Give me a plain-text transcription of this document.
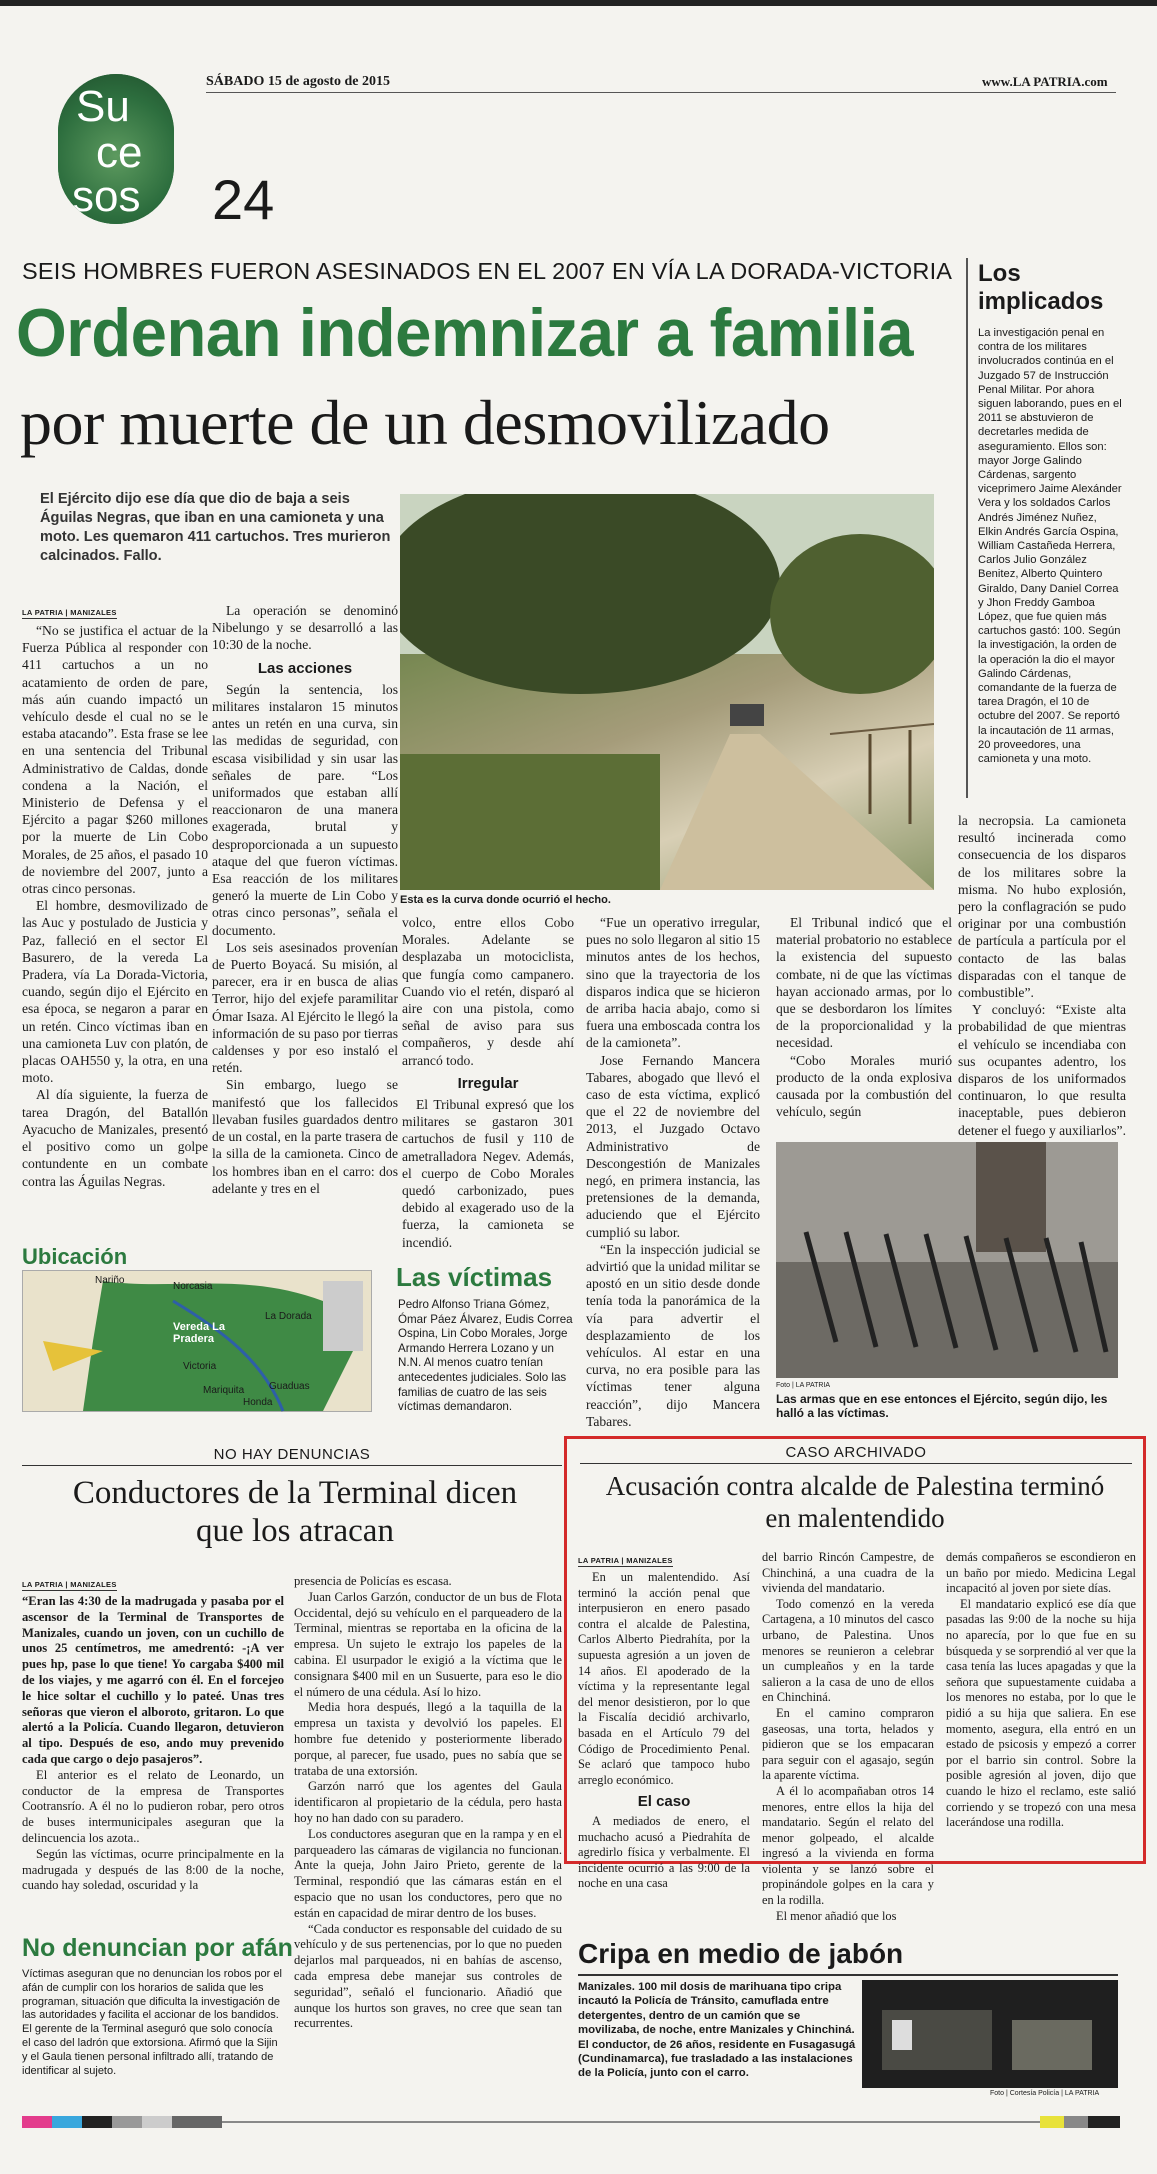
SÁBADO 15 de agosto de 2015	www.LA PATRIA.com
Su
ce
sos 24
SEIS HOMBRES FUERON ASESINADOS EN EL 2007 EN VÍA LA DORADA-VICTORIA
Ordenan indemnizar a familia
por muerte de un desmovilizado
El Ejército dijo ese día que dio de baja a seis Águilas Negras, que iban en una camioneta y una moto. Les quemaron 411 cartuchos. Tres murieron calcinados. Fallo.
LA PATRIA | MANIZALES

“No se justifica el actuar de la Fuerza Pública al responder con 411 cartuchos a un no acatamiento de orden de pare, más aún cuando impactó un vehículo desde el cual no se le estaba atacando”. Esta frase se lee en una sentencia del Tribunal Administrativo de Caldas, donde condena a la Nación, el Ministerio de Defensa y el Ejército a pagar $260 millones por la muerte de Lin Cobo Morales, de 25 años, el pasado 10 de noviembre del 2007, junto a otras cinco personas.

El hombre, desmovilizado de las Auc y postulado de Justicia y Paz, falleció en el sector El Basurero, de la vereda La Pradera, vía La Dorada-Victoria, cuando, según dijo el Ejército en esa época, se negaron a parar en un retén. Cinco víctimas iban en una camioneta Luv con platón, de placas OAH550 y, la otra, en una moto.

Al día siguiente, la fuerza de tarea Dragón, del Batallón Ayacucho de Manizales, presentó el positivo como un golpe contundente en un combate contra las Águilas Negras.

La operación se denominó Nibelungo y se desarrolló a las 10:30 de la noche.

Las acciones

Según la sentencia, los militares instalaron 15 minutos antes un retén en una curva, sin las medidas de seguridad, con escasa visibilidad y sin usar las señales de pare. “Los uniformados que estaban allí reaccionaron de una manera exagerada, brutal y desproporcionada a un supuesto ataque del que fueron víctimas. Esa reacción de los militares generó la muerte de Lin Cobo y otras cinco personas”, señala el documento.

Los seis asesinados provenían de Puerto Boyacá. Su misión, al parecer, era ir en busca de alias Terror, hijo del exjefe paramilitar Ómar Isaza. Al Ejército le llegó la información de su paso por tierras caldenses y por eso instaló el retén.

Sin embargo, luego se manifestó que los fallecidos llevaban fusiles guardados dentro de un costal, en la parte trasera de la silla de la camioneta. Cinco de los hombres iban en el carro: dos adelante y tres en el

Esta es la curva donde ocurrió el hecho.

volco, entre ellos Cobo Morales. Adelante se desplazaba un motociclista, que fungía como campanero. Cuando vio el retén, disparó al aire con una pistola, como señal de aviso para sus compañeros, y desde ahí arrancó todo.

Irregular

El Tribunal expresó que los militares se gastaron 301 cartuchos de fusil y 110 de ametralladora Negev. Además, el cuerpo de Cobo Morales quedó carbonizado, pues debido al exagerado uso de la fuerza, la camioneta se incendió.

“Fue un operativo irregular, pues no solo llegaron al sitio 15 minutos antes de los hechos, sino que la trayectoria de los disparos indica que se hicieron de arriba hacia abajo, como si fuera una emboscada contra los de la camioneta”.

Jose Fernando Mancera Tabares, abogado que llevó el caso de esta víctima, explicó que el 22 de noviembre del 2013, el Juzgado Octavo Administrativo de Descongestión de Manizales negó, en primera instancia, las pretensiones de la demanda, aduciendo que el Ejército cumplió su labor.

“En la inspección judicial se advirtió que la unidad militar se apostó en un sitio desde donde tenía toda la panorámica de la vía para advertir el desplazamiento de los vehículos. Al estar en una curva, no era posible para las víctimas tener alguna reacción”, dijo Mancera Tabares.

El Tribunal indicó que el material probatorio no establece la existencia del supuesto combate, ni de que las víctimas hayan accionado armas, por lo que se desbordaron los límites de la proporcionalidad y la necesidad.

“Cobo Morales murió producto de la onda explosiva causada por la combustión del vehículo, según

la necropsia. La camioneta resultó incinerada como consecuencia de los disparos de los militares sobre la misma. No hubo explosión, pero la conflagración se pudo originar por una combustión de partícula a partícula por el contacto de las balas disparadas con el tanque de combustible”.

Y concluyó: “Existe alta probabilidad de que mientras el vehículo se incendiaba con sus ocupantes adentro, los disparos de los uniformados continuaron, lo que resulta inaceptable, pues debieron detener el fuego y auxiliarlos”.

Foto | LA PATRIA
Las armas que en ese entonces el Ejército, según dijo, les halló a las víctimas.
Los implicados
La investigación penal en contra de los militares involucrados continúa en el Juzgado 57 de Instrucción Penal Militar. Por ahora siguen laborando, pues en el 2011 se abstuvieron de decretarles medida de aseguramiento. Ellos son: mayor Jorge Galindo Cárdenas, sargento viceprimero Jaime Alexánder Vera y los soldados Carlos Andrés Jiménez Nuñez, Elkin Andrés García Ospina, William Castañeda Herrera, Carlos Julio González Benitez, Alberto Quintero Giraldo, Dany Daniel Correa y Jhon Freddy Gamboa López, que fue quien más cartuchos gastó: 100. Según la investigación, la orden de la operación la dio el mayor Galindo Cárdenas, comandante de la fuerza de tarea Dragón, el 10 de octubre del 2007. Se reportó la incautación de 11 armas, 20 proveedores, una camioneta y una moto.
Ubicación
Norcasia
Nariño
La Dorada
Vereda La Pradera
Victoria
Guaduas
Mariquita
Honda
Las víctimas
Pedro Alfonso Triana Gómez, Ómar Páez Álvarez, Eudis Correa Ospina, Lin Cobo Morales, Jorge Armando Herrera Lozano y un N.N. Al menos cuatro tenían antecedentes judiciales. Solo las familias de cuatro de las seis víctimas demandaron.
NO HAY DENUNCIAS
Conductores de la Terminal dicen que los atracan
LA PATRIA | MANIZALES

“Eran las 4:30 de la madrugada y pasaba por el ascensor de la Terminal de Transportes de Manizales, cuando un joven, con un cuchillo de unos 25 centímetros, me amedrentó: -¡A ver pues hp, pase lo que tiene! Yo cargaba $400 mil de los viajes, y me agarró con él. En el forcejeo le hice soltar el cuchillo y lo pateé. Unas tres señoras que vieron el alboroto, gritaron. Lo que alertó a la Policía. Cuando llegaron, detuvieron al tipo. Después de eso, ando muy prevenido cada que cargo o dejo pasajeros”.

El anterior es el relato de Leonardo, un conductor de la empresa de Transportes Cootransrío. A él no lo pudieron robar, pero otros de buses intermunicipales aseguran que la delincuencia los azota..

Según las víctimas, ocurre principalmente en la madrugada y después de las 8:00 de la noche, cuando hay soledad, oscuridad y la

No denuncian por afán
Víctimas aseguran que no denuncian los robos por el afán de cumplir con los horarios de salida que les programan, situación que dificulta la investigación de las autoridades y facilita el accionar de los bandidos. El gerente de la Terminal aseguró que solo conocía el caso del ladrón que extorsiona. Afirmó que la Sijin y el Gaula tienen personal infiltrado allí, tratando de identificar al sujeto.

presencia de Policías es escasa.

Juan Carlos Garzón, conductor de un bus de Flota Occidental, dejó su vehículo en el parqueadero de la Terminal, mientras se reportaba en la oficina de la empresa. Un sujeto le extrajo los papeles de la cabina. El usurpador le exigió a la víctima que le consignara $400 mil en un Susuerte, para eso le dio el número de una cédula. Así lo hizo.

Media hora después, llegó a la taquilla de la empresa un taxista y devolvió los papeles. El hombre fue detenido y posteriormente liberado porque, al parecer, fue usado, pues no sabía que se trataba de una extorsión.

Garzón narró que los agentes del Gaula identificaron al propietario de la cédula, pero hasta hoy no han dado con su paradero.

Los conductores aseguran que en la rampa y en el parqueadero las cámaras de vigilancia no funcionan. Ante la queja, John Jairo Prieto, gerente de la Terminal, respondió que las cámaras están en el espacio que no usan los conductores, pero que no están en capacidad de mirar dentro de los buses.

“Cada conductor es responsable del cuidado de su vehículo y de sus pertenencias, por lo que no pueden dejarlos mal parqueados, ni en bahías de ascenso, cada empresa debe manejar sus controles de seguridad”, señaló el funcionario. Añadió que aunque los hurtos son graves, no cree que sean tan recurrentes.

CASO ARCHIVADO
Acusación contra alcalde de Palestina terminó en malentendido
LA PATRIA | MANIZALES

En un malentendido. Así terminó la acción penal que interpusieron en enero pasado contra el alcalde de Palestina, Carlos Alberto Piedrahíta, por la supuesta agresión a un joven de 14 años. El apoderado de la víctima y la representante legal del menor desistieron, por lo que la Fiscalía decidió archivarlo, basada en el Artículo 79 del Código de Procedimiento Penal. Se aclaró que tampoco hubo arreglo económico.

El caso

A mediados de enero, el muchacho acusó a Piedrahíta de agredirlo física y verbalmente. El incidente ocurrió a las 9:00 de la noche en una casa

del barrio Rincón Campestre, de Chinchiná, a una cuadra de la vivienda del mandatario.

Todo comenzó en la vereda Cartagena, a 10 minutos del casco urbano, de Palestina. Unos menores se reunieron a celebrar un cumpleaños y en la tarde salieron a la casa de uno de ellos en Chinchiná.

En el camino compraron gaseosas, una torta, helados y pidieron que se los empacaran para seguir con el agasajo, según la aparente víctima.

A él lo acompañaban otros 14 menores, entre ellos la hija del mandatario. Según el relato del menor golpeado, el alcalde ingresó a la vivienda en forma violenta y se lanzó sobre el propinándole golpes en la cara y en la rodilla.

El menor añadió que los

demás compañeros se escondieron en un baño por miedo. Medicina Legal incapacitó al joven por siete días.

El mandatario explicó ese día que pasadas las 9:00 de la noche su hija no aparecía, por lo que fue en su búsqueda y se sorprendió al ver que la casa tenía las luces apagadas y que la señora que supuestamente cuidaba a los menores no estaba, por lo que le pidió a su hija que saliera. En ese momento, asegura, ella entró en un estado de psicosis y empezó a correr por el barrio sin control. Sobre la posible agresión al joven, dijo que cuando le hizo el reclamo, este salió corriendo y se tropezó con una mesa lacerándose una rodilla.

Cripa en medio de jabón
Manizales. 100 mil dosis de marihuana tipo cripa incautó la Policía de Tránsito, camuflada entre detergentes, dentro de un camión que se movilizaba, de noche, entre Manizales y Chinchiná. El conductor, de 26 años, residente en Fusagasugá (Cundinamarca), fue trasladado a las instalaciones de la Policía, junto con el carro.
Foto | Cortesía Policía | LA PATRIA
